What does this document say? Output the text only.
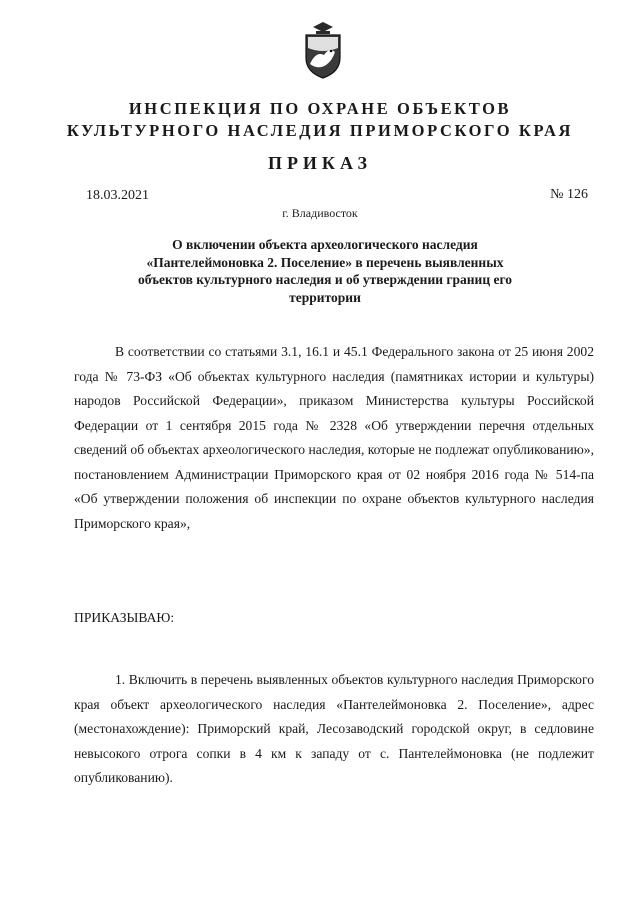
ИНСПЕКЦИЯ ПО ОХРАНЕ ОБЪЕКТОВ
КУЛЬТУРНОГО НАСЛЕДИЯ ПРИМОРСКОГО КРАЯ
ПРИКАЗ
18.03.2021	№ 126
г. Владивосток
О включении объекта археологического наследия «Пантелеймоновка 2. Поселение» в перечень выявленных объектов культурного наследия и об утверждении границ его территории
В соответствии со статьями 3.1, 16.1 и 45.1 Федерального закона от 25 июня 2002 года № 73-ФЗ «Об объектах культурного наследия (памятниках истории и культуры) народов Российской Федерации», приказом Министерства культуры Российской Федерации от 1 сентября 2015 года № 2328 «Об утверждении перечня отдельных сведений об объектах археологического наследия, которые не подлежат опубликованию», постановлением Администрации Приморского края от 02 ноября 2016 года № 514-па «Об утверждении положения об инспекции по охране объектов культурного наследия Приморского края»,
ПРИКАЗЫВАЮ:
1. Включить в перечень выявленных объектов культурного наследия Приморского края объект археологического наследия «Пантелеймоновка 2. Поселение», адрес (местонахождение): Приморский край, Лесозаводский городской округ, в седловине невысокого отрога сопки в 4 км к западу от с. Пантелеймоновка (не подлежит опубликованию).
